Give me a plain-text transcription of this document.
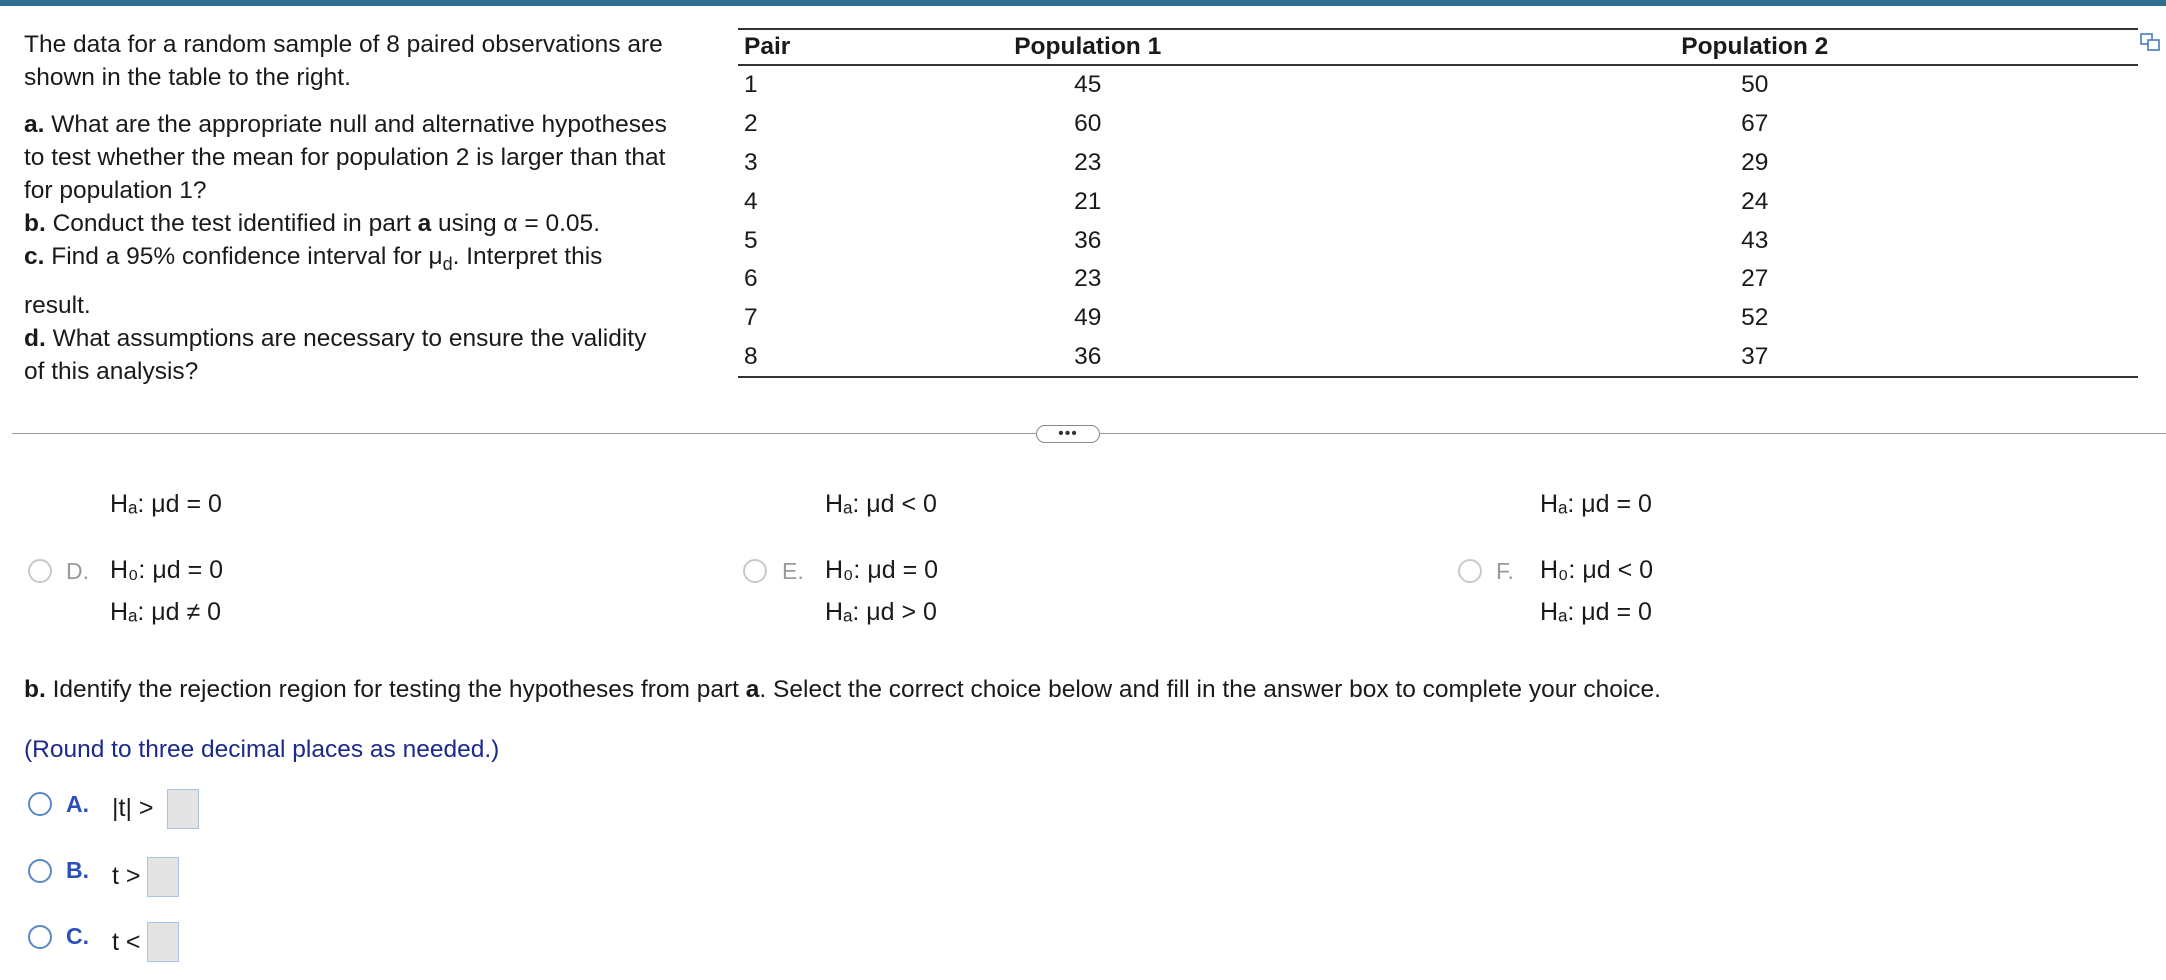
The data for a random sample of 8 paired observations are
shown in the table to the right.

a. What are the appropriate null and alternative hypotheses
to test whether the mean for population 2 is larger than that
for population 1?
b. Conduct the test identified in part a using α = 0.05.
c. Find a 95% confidence interval for $\mu_d$. Interpret this
result.
d. What assumptions are necessary to ensure the validity
of this analysis?

Pair	Population 1	Population 2
1	45	50
2	60	67
3	23	29
4	21	24
5	36	43
6	23	27
7	49	52
8	36	37
•••
Hₐ: μd = 0	Hₐ: μd < 0	Hₐ: μd = 0
D. H₀: μd = 0
Hₐ: μd ≠ 0
E. H₀: μd = 0
Hₐ: μd > 0
F. H₀: μd < 0
Hₐ: μd = 0
b. Identify the rejection region for testing the hypotheses from part a. Select the correct choice below and fill in the answer box to complete your choice.
(Round to three decimal places as needed.)
A. |t| >
B. t >
C. t <
